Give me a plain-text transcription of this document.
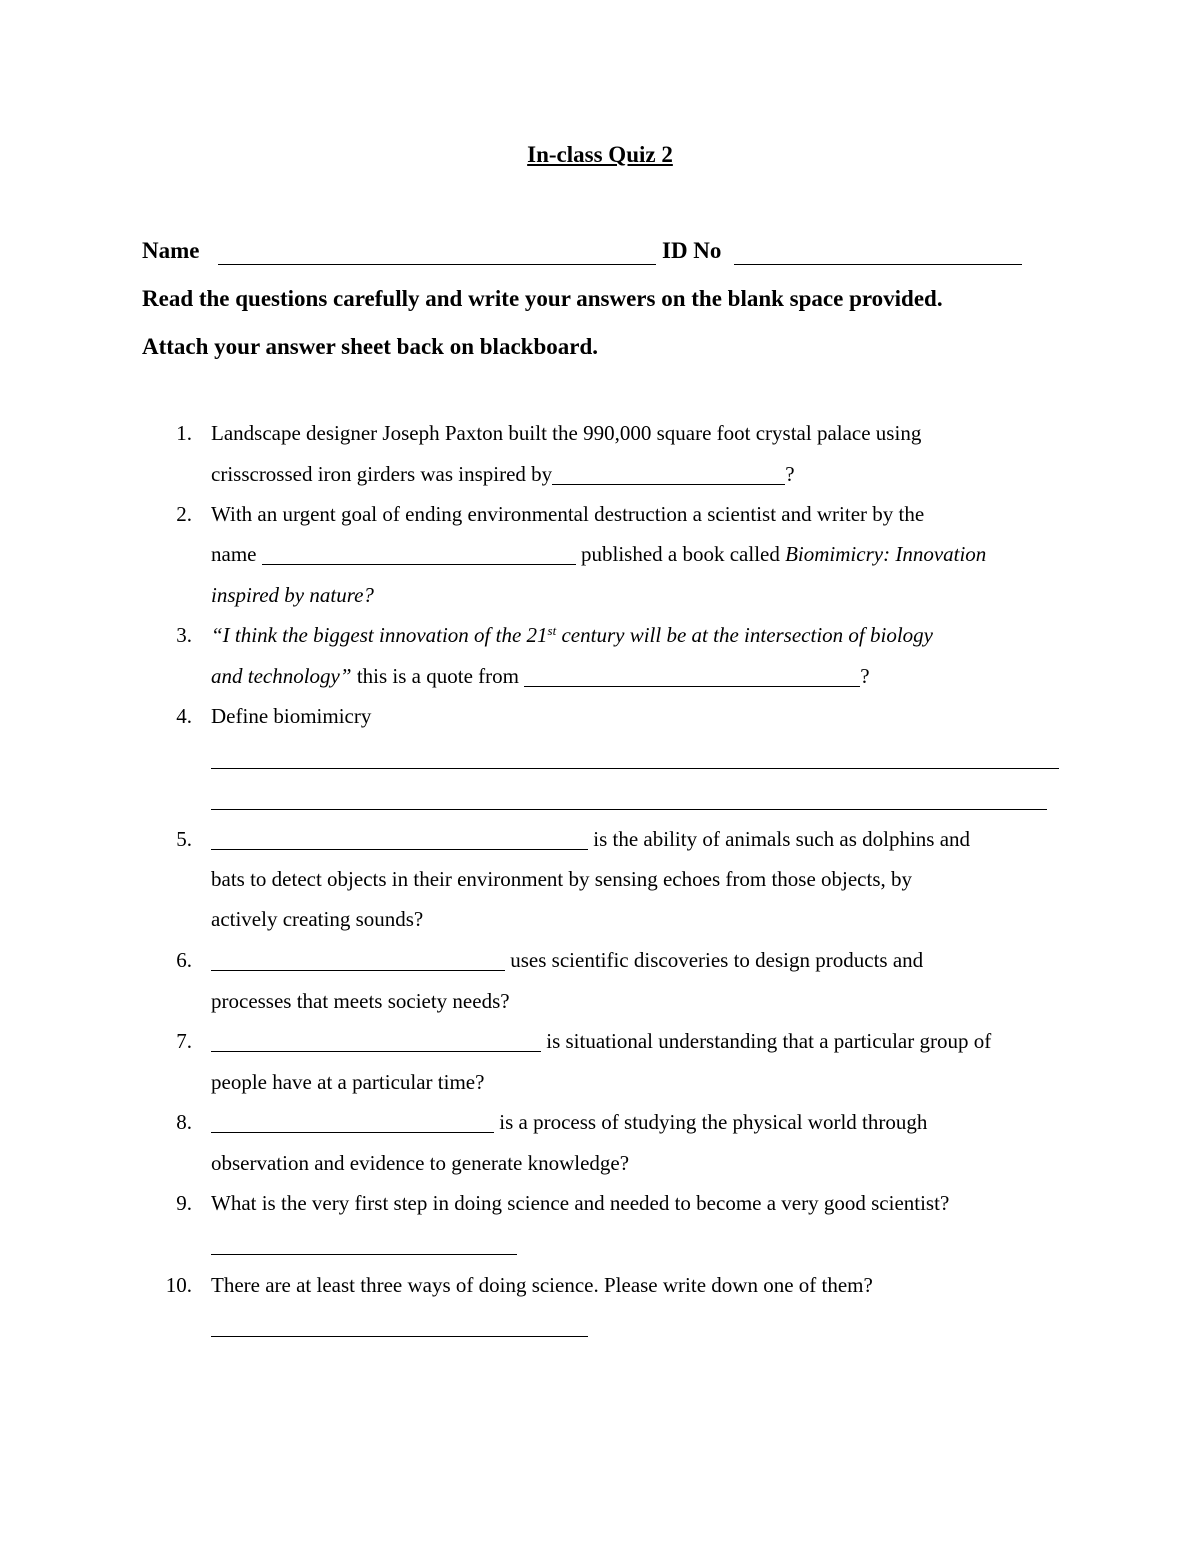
In-class Quiz 2
Name	ID No
Read the questions carefully and write your answers on the blank space provided.
Attach your answer sheet back on blackboard.
1. Landscape designer Joseph Paxton built the 990,000 square foot crystal palace using
crisscrossed iron girders was inspired by	?
2. With an urgent goal of ending environmental destruction a scientist and writer by the
name	published a book called Biomimicry: Innovation
inspired by nature?
3. “I think the biggest innovation of the 21st century will be at the intersection of biology
and technology” this is a quote from	?
4. Define biomimicry
5.	is the ability of animals such as dolphins and
bats to detect objects in their environment by sensing echoes from those objects, by
actively creating sounds?
6.	uses scientific discoveries to design products and
processes that meets society needs?
7.	is situational understanding that a particular group of
people have at a particular time?
8.	is a process of studying the physical world through
observation and evidence to generate knowledge?
9. What is the very first step in doing science and needed to become a very good scientist?
10. There are at least three ways of doing science. Please write down one of them?
